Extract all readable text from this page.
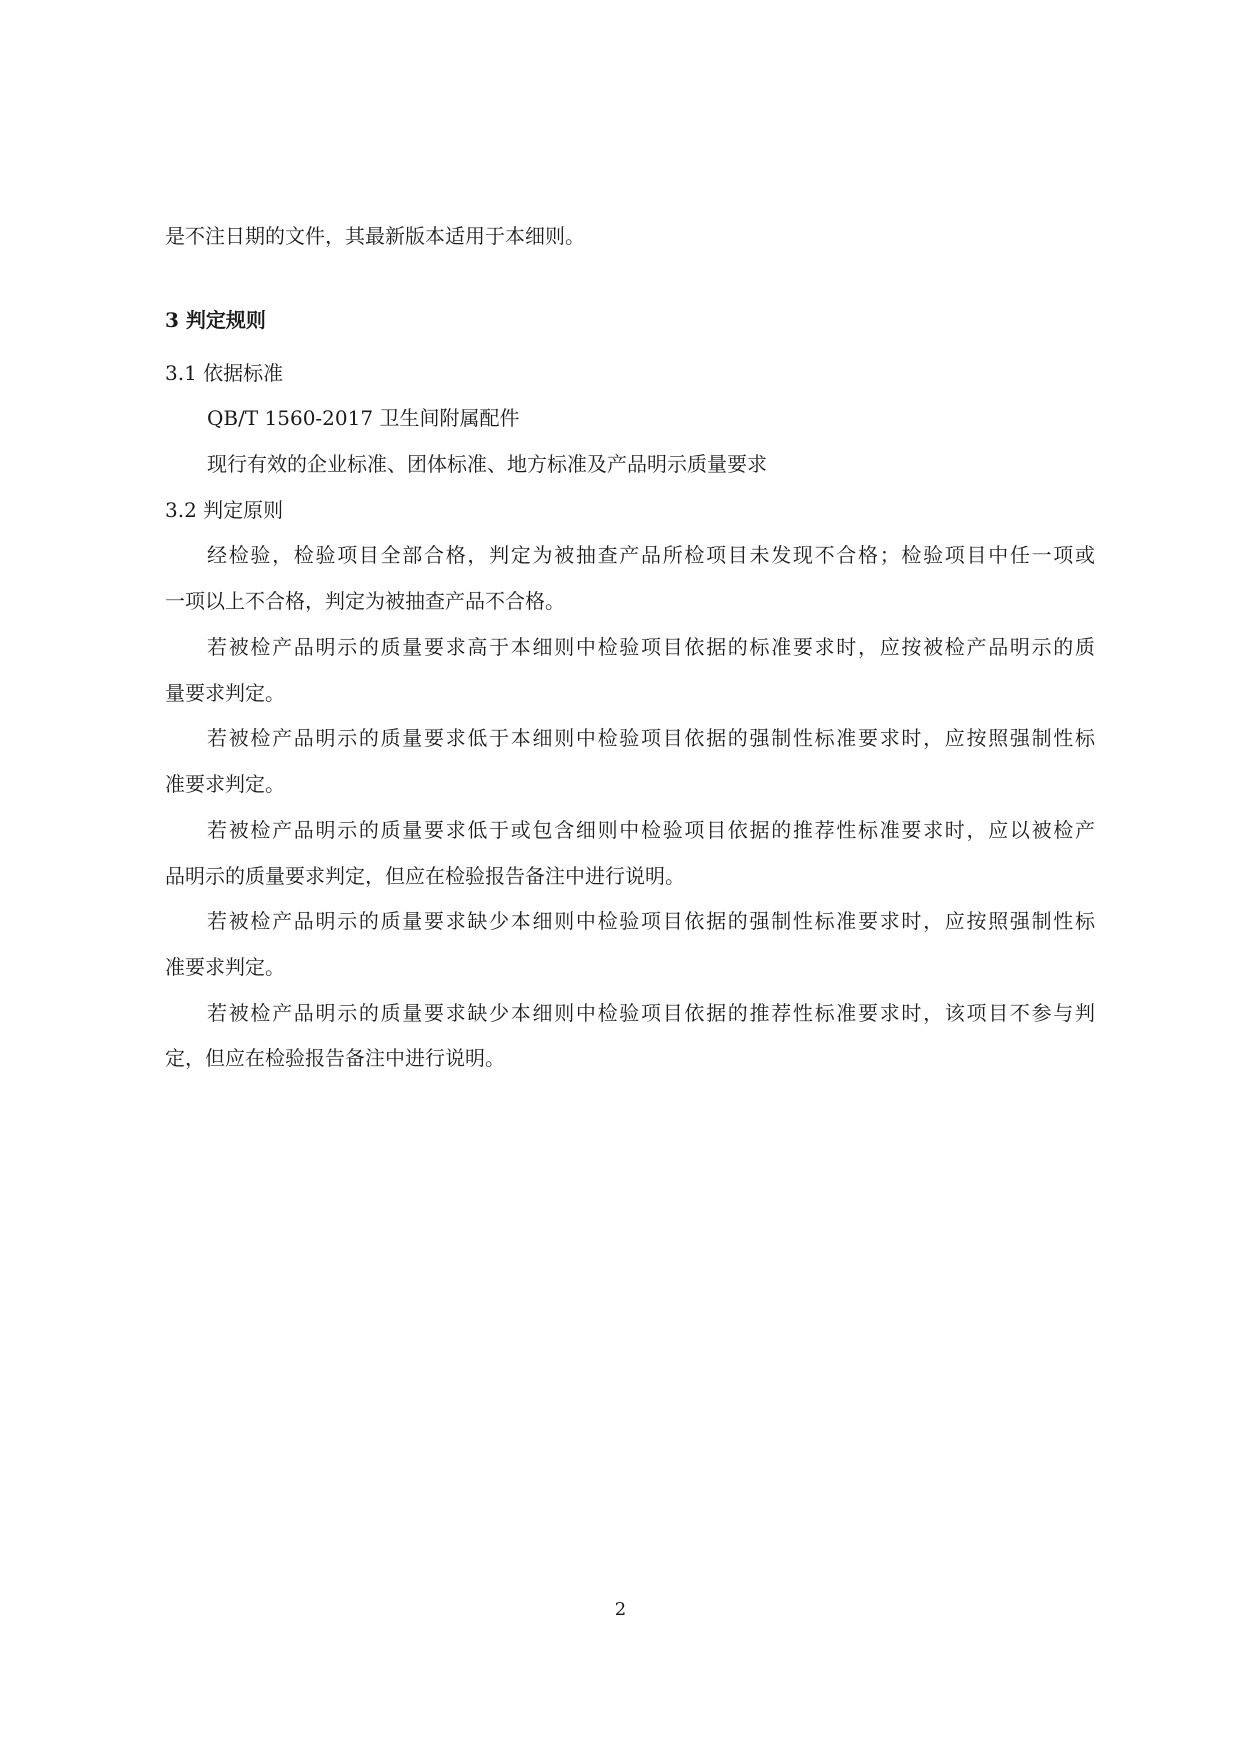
是不注日期的文件，其最新版本适用于本细则。
3 判定规则
3.1 依据标准
QB/T 1560-2017 卫生间附属配件
现行有效的企业标准、团体标准、地方标准及产品明示质量要求
3.2 判定原则
经检验，检验项目全部合格，判定为被抽查产品所检项目未发现不合格；检验项目中任一项或
一项以上不合格，判定为被抽查产品不合格。
若被检产品明示的质量要求高于本细则中检验项目依据的标准要求时，应按被检产品明示的质
量要求判定。
若被检产品明示的质量要求低于本细则中检验项目依据的强制性标准要求时，应按照强制性标
准要求判定。
若被检产品明示的质量要求低于或包含细则中检验项目依据的推荐性标准要求时，应以被检产
品明示的质量要求判定，但应在检验报告备注中进行说明。
若被检产品明示的质量要求缺少本细则中检验项目依据的强制性标准要求时，应按照强制性标
准要求判定。
若被检产品明示的质量要求缺少本细则中检验项目依据的推荐性标准要求时，该项目不参与判
定，但应在检验报告备注中进行说明。
2
